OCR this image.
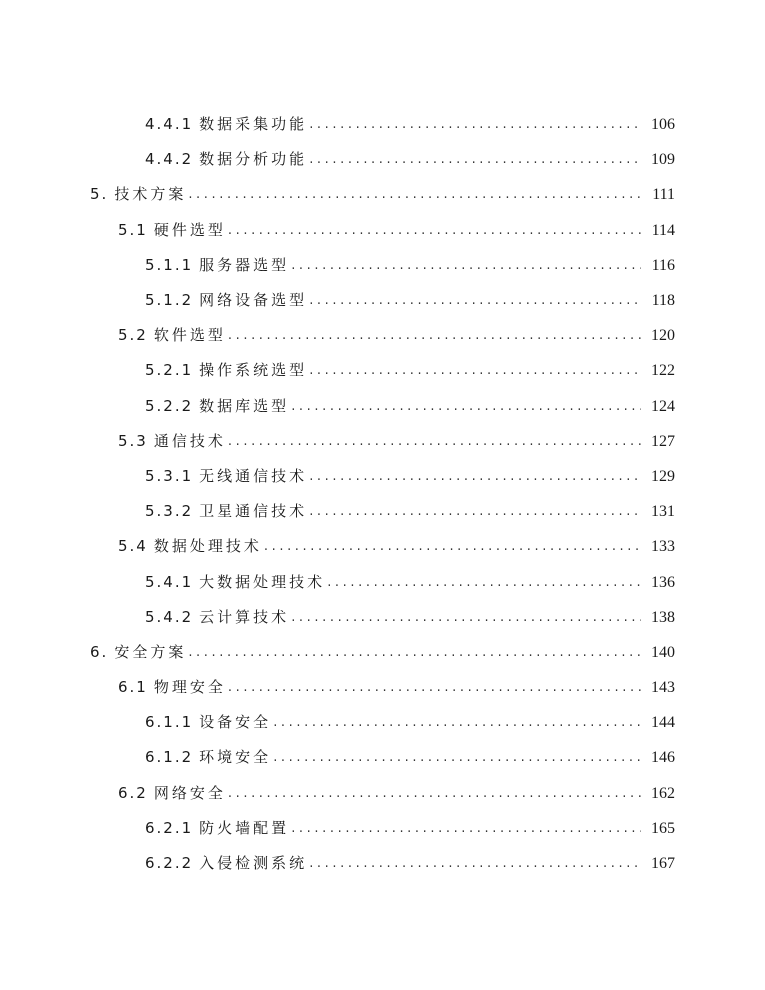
4.4.1 数据采集功能 .....	106
4.4.2 数据分析功能 .....	109
5. 技术方案 .....	111
5.1 硬件选型 .....	114
5.1.1 服务器选型 .....	116
5.1.2 网络设备选型 .....	118
5.2 软件选型 .....	120
5.2.1 操作系统选型 .....	122
5.2.2 数据库选型 .....	124
5.3 通信技术 .....	127
5.3.1 无线通信技术 .....	129
5.3.2 卫星通信技术 .....	131
5.4 数据处理技术 .....	133
5.4.1 大数据处理技术 .....	136
5.4.2 云计算技术 .....	138
6. 安全方案 .....	140
6.1 物理安全 .....	143
6.1.1 设备安全 .....	144
6.1.2 环境安全 .....	146
6.2 网络安全 .....	162
6.2.1 防火墙配置 .....	165
6.2.2 入侵检测系统 .....	167
